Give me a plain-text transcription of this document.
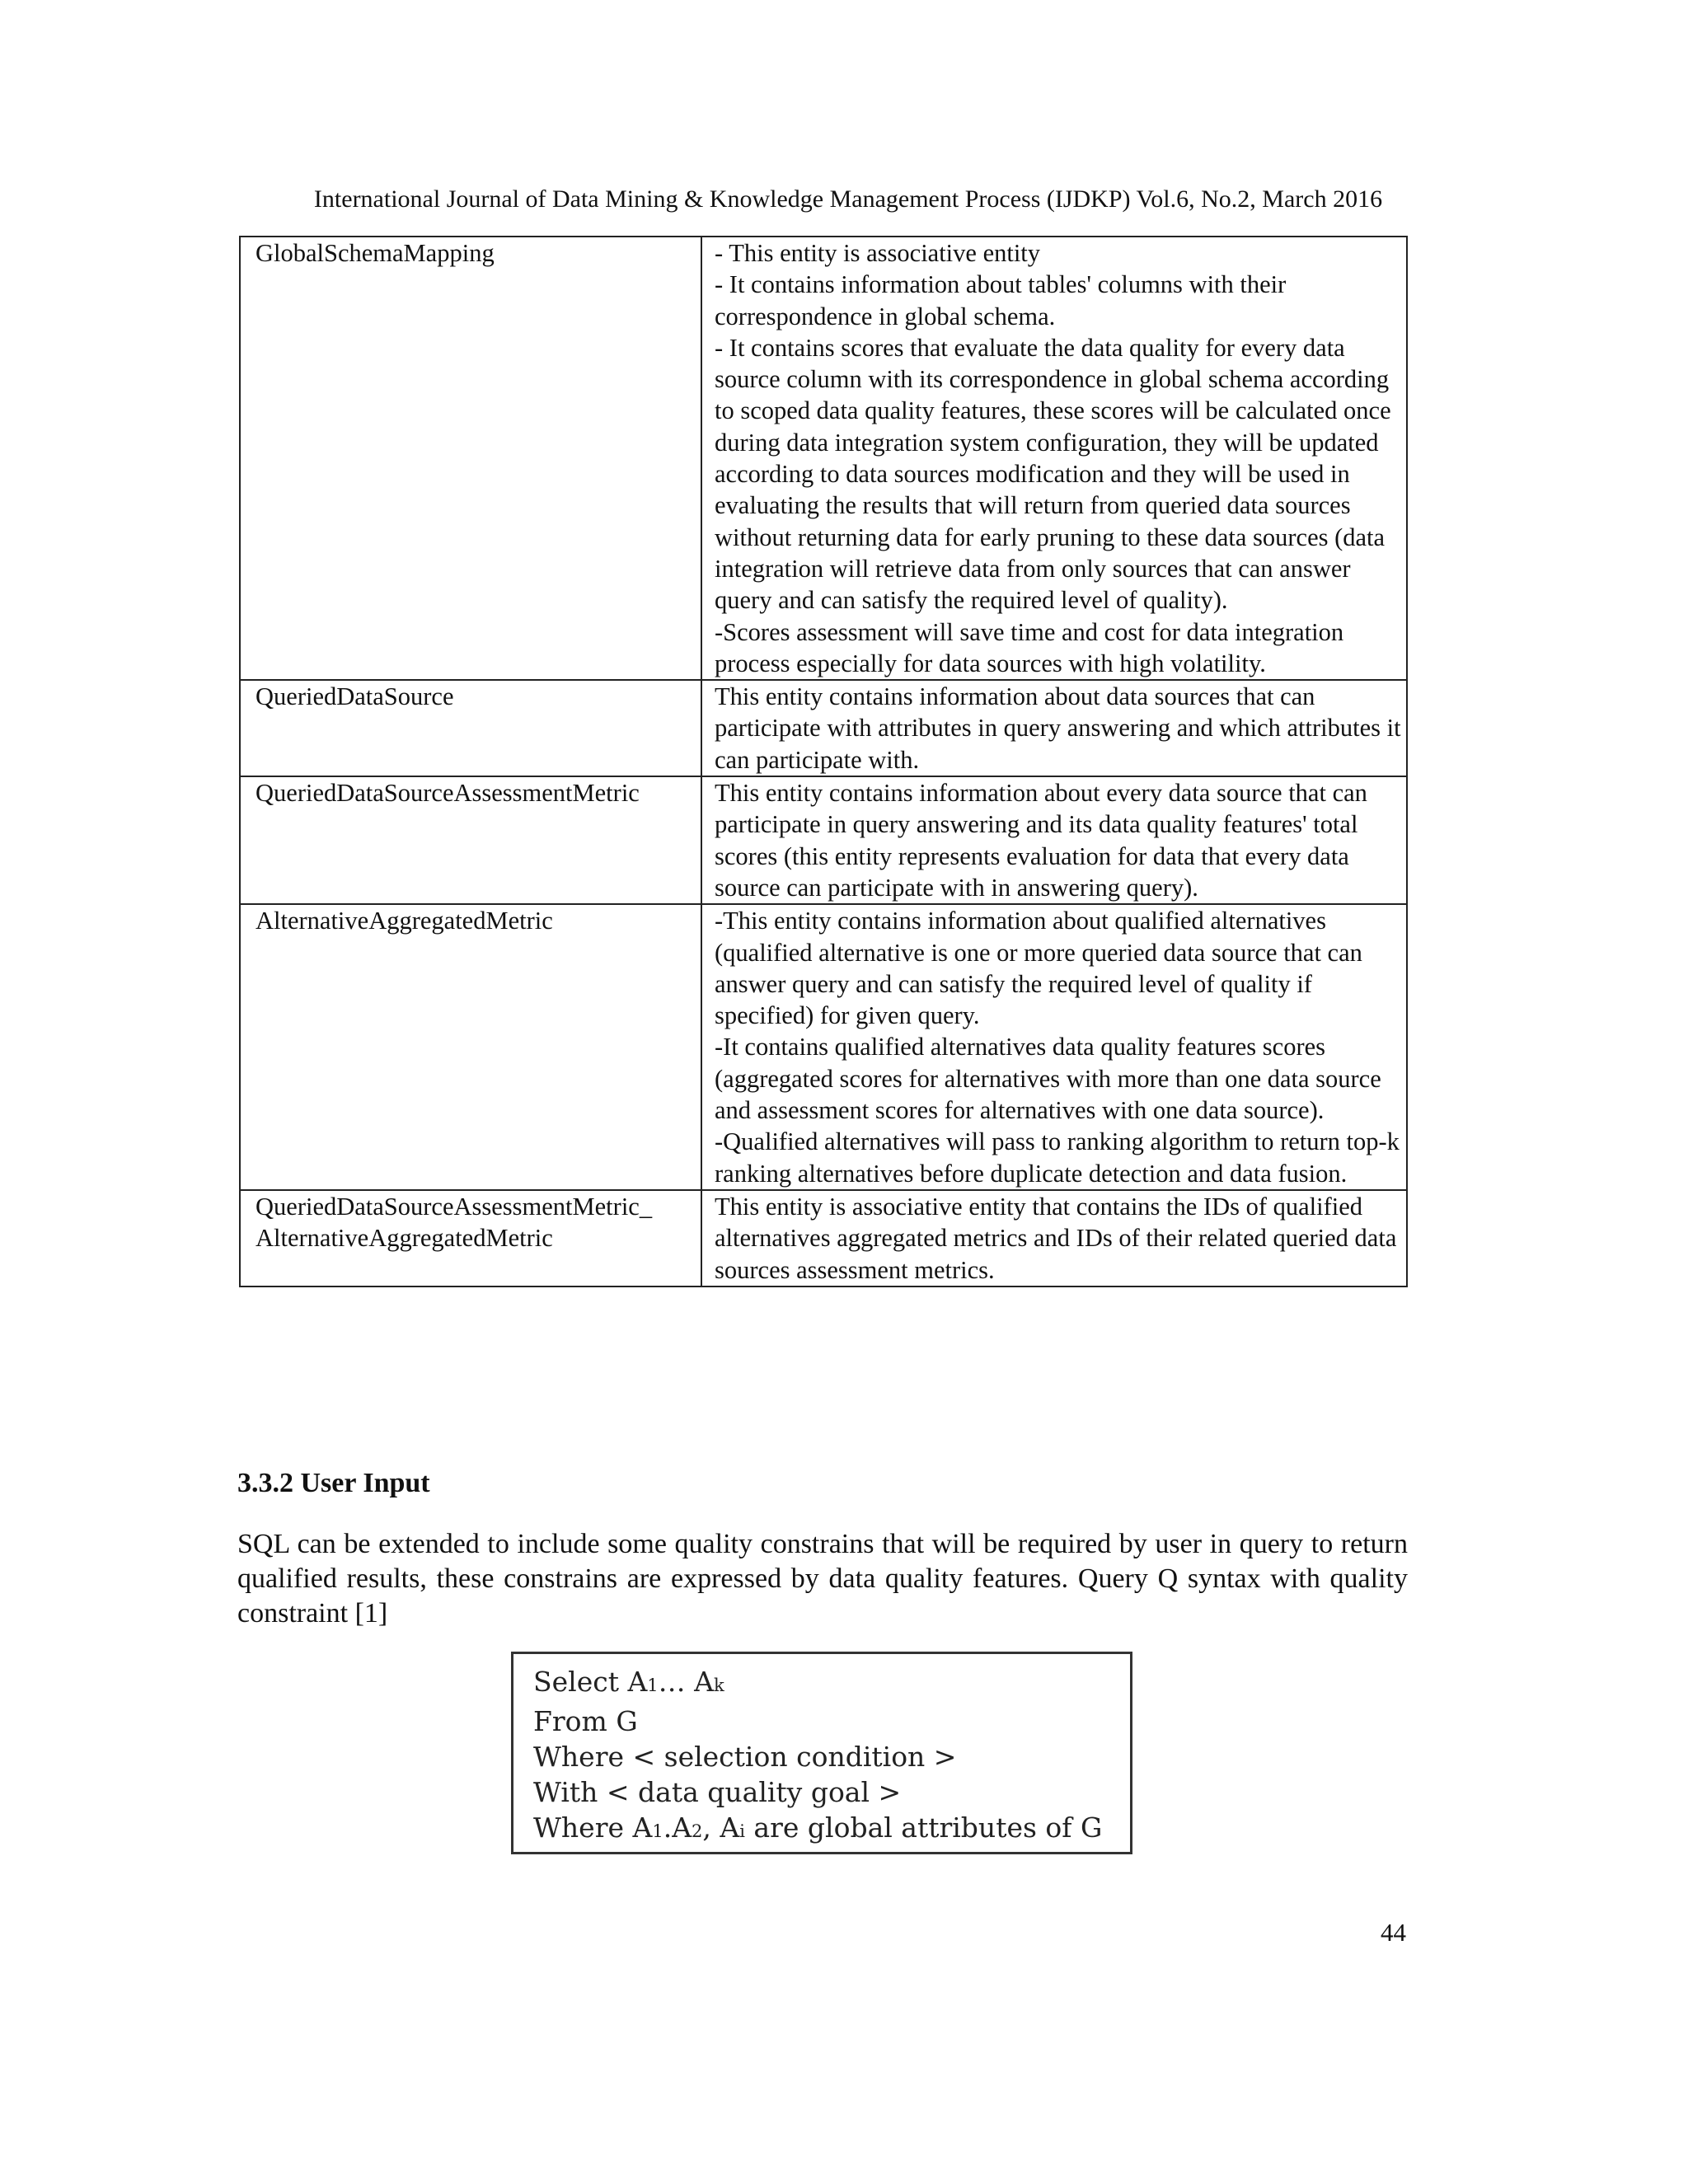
International Journal of Data Mining & Knowledge Management Process (IJDKP) Vol.6, No.2, March 2016
GlobalSchemaMapping	- This entity is associative entity
- It contains information about tables' columns with their correspondence in global schema.
- It contains scores that evaluate the data quality for every data source column with its correspondence in global schema according to scoped data quality features, these scores will be calculated once during data integration system configuration, they will be updated according to data sources modification and they will be used in evaluating the results that will return from queried data sources without returning data for early pruning to these data sources (data integration will retrieve data from only sources that can answer query and can satisfy the required level of quality).
-Scores assessment will save time and cost for data integration process especially for data sources with high volatility.

QueriedDataSource	This entity contains information about data sources that can participate with attributes in query answering and which attributes it can participate with.

QueriedDataSourceAssessmentMetric	This entity contains information about every data source that can participate in query answering and its data quality features' total scores (this entity represents evaluation for data that every data source can participate with in answering query).

AlternativeAggregatedMetric	-This entity contains information about qualified alternatives (qualified alternative is one or more queried data source that can answer query and can satisfy the required level of quality if specified) for given query.
-It contains qualified alternatives data quality features scores (aggregated scores for alternatives with more than one data source and assessment scores for alternatives with one data source).
-Qualified alternatives will pass to ranking algorithm to return top-k ranking alternatives before duplicate detection and data fusion.

QueriedDataSourceAssessmentMetric_ AlternativeAggregatedMetric	This entity is associative entity that contains the IDs of qualified alternatives aggregated metrics and IDs of their related queried data sources assessment metrics.
3.3.2 User Input
SQL can be extended to include some quality constrains that will be required by user in query to return qualified results, these constrains are expressed by data quality features. Query Q syntax with quality constraint [1]
Select A1… Ak
From G
Where < selection condition >
With < data quality goal >
Where A1.A2, Ai are global attributes of G
44
